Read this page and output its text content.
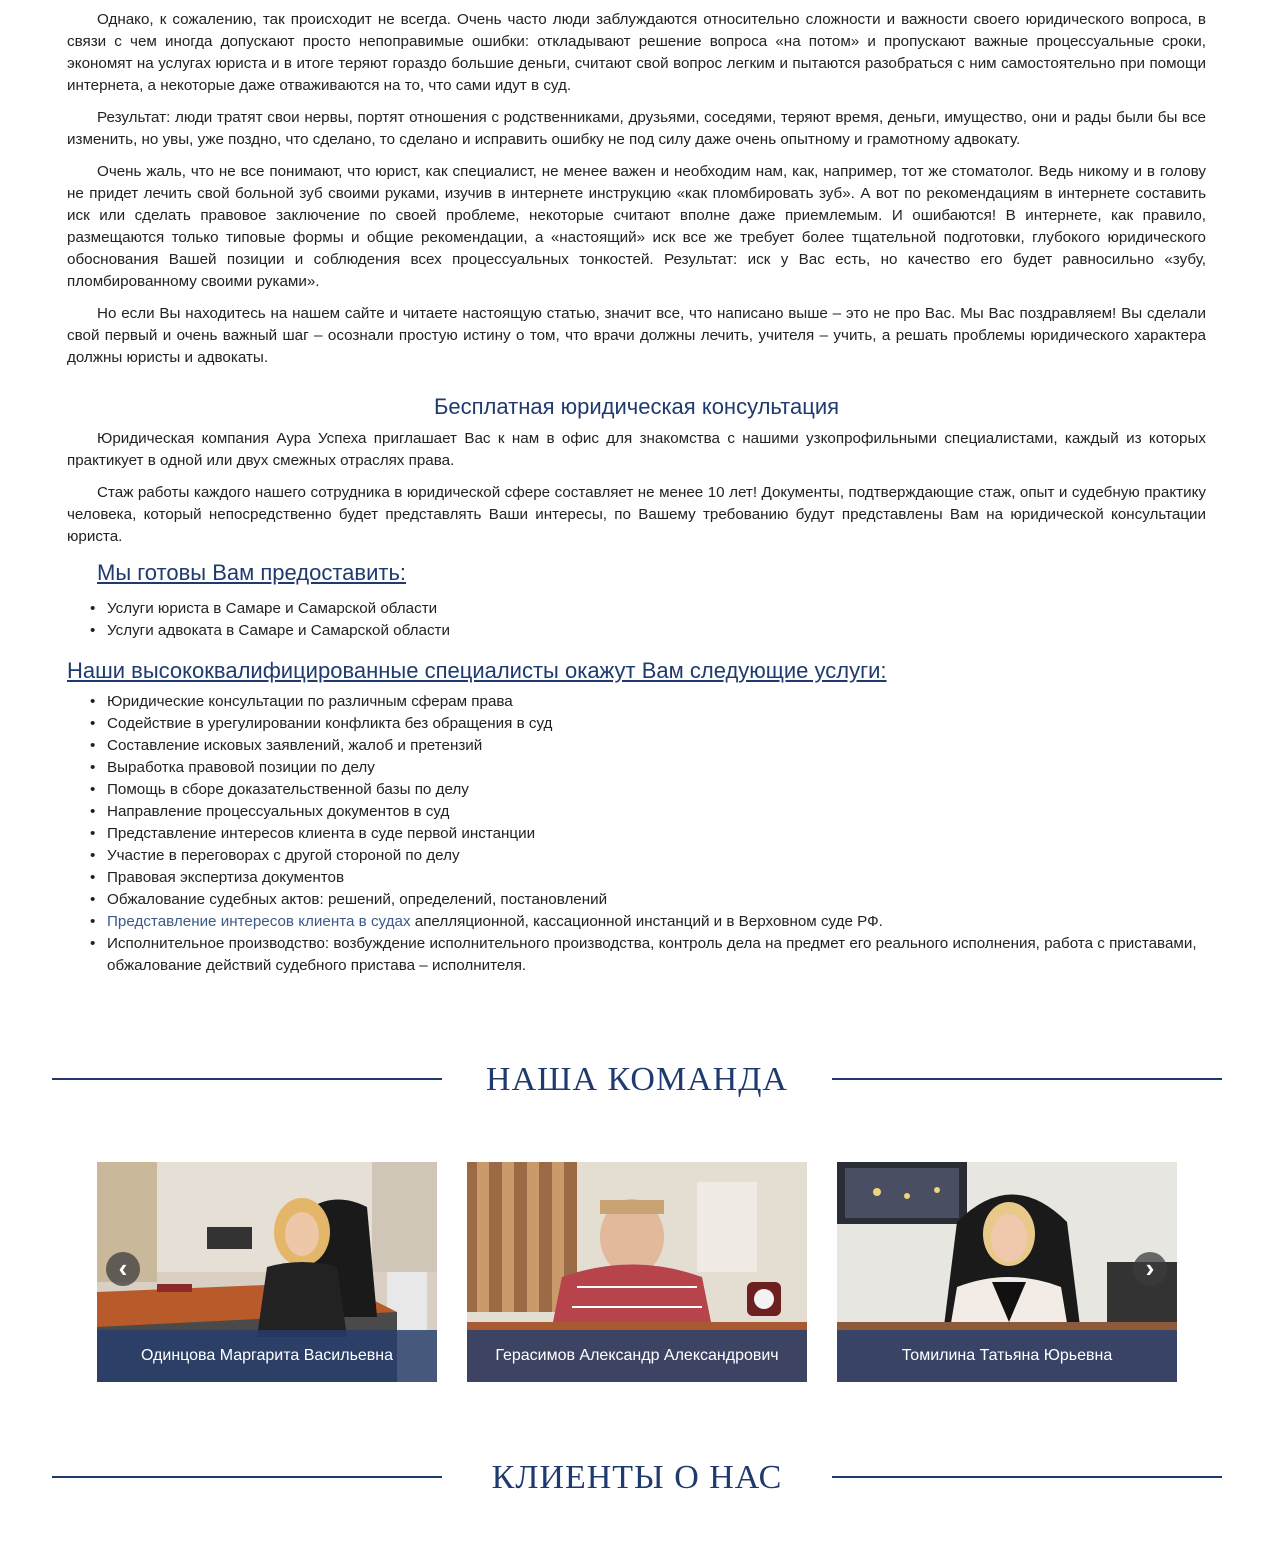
Однако, к сожалению, так происходит не всегда. Очень часто люди заблуждаются относительно сложности и важности своего юридического вопроса, в связи с чем иногда допускают просто непоправимые ошибки: откладывают решение вопроса «на потом» и пропускают важные процессуальные сроки, экономят на услугах юриста и в итоге теряют гораздо большие деньги, считают свой вопрос легким и пытаются разобраться с ним самостоятельно при помощи интернета, а некоторые даже отваживаются на то, что сами идут в суд.

Результат: люди тратят свои нервы, портят отношения с родственниками, друзьями, соседями, теряют время, деньги, имущество, они и рады были бы все изменить, но увы, уже поздно, что сделано, то сделано и исправить ошибку не под силу даже очень опытному и грамотному адвокату.

Очень жаль, что не все понимают, что юрист, как специалист, не менее важен и необходим нам, как, например, тот же стоматолог. Ведь никому и в голову не придет лечить свой больной зуб своими руками, изучив в интернете инструкцию «как пломбировать зуб». А вот по рекомендациям в интернете составить иск или сделать правовое заключение по своей проблеме, некоторые считают вполне даже приемлемым. И ошибаются! В интернете, как правило, размещаются только типовые формы и общие рекомендации, а «настоящий» иск все же требует более тщательной подготовки, глубокого юридического обоснования Вашей позиции и соблюдения всех процессуальных тонкостей. Результат: иск у Вас есть, но качество его будет равносильно «зубу, пломбированному своими руками».

Но если Вы находитесь на нашем сайте и читаете настоящую статью, значит все, что написано выше – это не про Вас. Мы Вас поздравляем! Вы сделали свой первый и очень важный шаг – осознали простую истину о том, что врачи должны лечить, учителя – учить, а решать проблемы юридического характера должны юристы и адвокаты.

Бесплатная юридическая консультация

Юридическая компания Аура Успеха приглашает Вас к нам в офис для знакомства с нашими узкопрофильными специалистами, каждый из которых практикует в одной или двух смежных отраслях права.

Стаж работы каждого нашего сотрудника в юридической сфере составляет не менее 10 лет! Документы, подтверждающие стаж, опыт и судебную практику человека, который непосредственно будет представлять Ваши интересы, по Вашему требованию будут представлены Вам на юридической консультации юриста.

Мы готовы Вам предоставить:
• Услуги юриста в Самаре и Самарской области
• Услуги адвоката в Самаре и Самарской области
Наши высококвалифицированные специалисты окажут Вам следующие услуги:
• Юридические консультации по различным сферам права
• Содействие в урегулировании конфликта без обращения в суд
• Составление исковых заявлений, жалоб и претензий
• Выработка правовой позиции по делу
• Помощь в сборе доказательственной базы по делу
• Направление процессуальных документов в суд
• Представление интересов клиента в суде первой инстанции
• Участие в переговорах с другой стороной по делу
• Правовая экспертиза документов
• Обжалование судебных актов: решений, определений, постановлений
• Представление интересов клиента в судах апелляционной, кассационной инстанций и в Верховном суде РФ.
• Исполнительное производство: возбуждение исполнительного производства, контроль дела на предмет его реального исполнения, работа с приставами, обжалование действий судебного пристава – исполнителя.
НАША КОМАНДА
Одинцова Маргарита Васильевна	Герасимов Александр Александрович	Томилина Татьяна Юрьевна
‹	›
КЛИЕНТЫ О НАС
